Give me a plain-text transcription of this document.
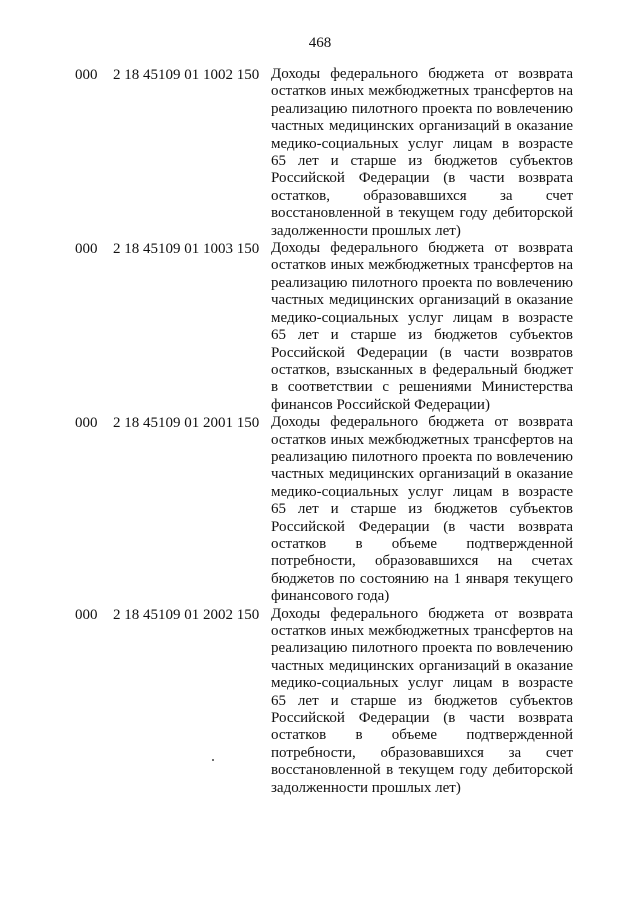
468
000 2 18 45109 01 1002 150 Доходы федерального бюджета от возврата
остатков иных межбюджетных трансфертов на
реализацию пилотного проекта по вовлечению
частных медицинских организаций в оказание
медико-социальных услуг лицам в возрасте
65 лет и старше из бюджетов субъектов
Российской Федерации (в части возврата
остатков, образовавшихся за счет
восстановленной в текущем году дебиторской
задолженности прошлых лет)
000 2 18 45109 01 1003 150 Доходы федерального бюджета от возврата
остатков иных межбюджетных трансфертов на
реализацию пилотного проекта по вовлечению
частных медицинских организаций в оказание
медико-социальных услуг лицам в возрасте
65 лет и старше из бюджетов субъектов
Российской Федерации (в части возвратов
остатков, взысканных в федеральный бюджет
в соответствии с решениями Министерства
финансов Российской Федерации)
000 2 18 45109 01 2001 150 Доходы федерального бюджета от возврата
остатков иных межбюджетных трансфертов на
реализацию пилотного проекта по вовлечению
частных медицинских организаций в оказание
медико-социальных услуг лицам в возрасте
65 лет и старше из бюджетов субъектов
Российской Федерации (в части возврата
остатков в объеме подтвержденной
потребности, образовавшихся на счетах
бюджетов по состоянию на 1 января текущего
финансового года)
000 2 18 45109 01 2002 150 Доходы федерального бюджета от возврата
остатков иных межбюджетных трансфертов на
реализацию пилотного проекта по вовлечению
частных медицинских организаций в оказание
медико-социальных услуг лицам в возрасте
65 лет и старше из бюджетов субъектов
Российской Федерации (в части возврата
остатков в объеме подтвержденной
потребности, образовавшихся за счет
восстановленной в текущем году дебиторской
задолженности прошлых лет)
